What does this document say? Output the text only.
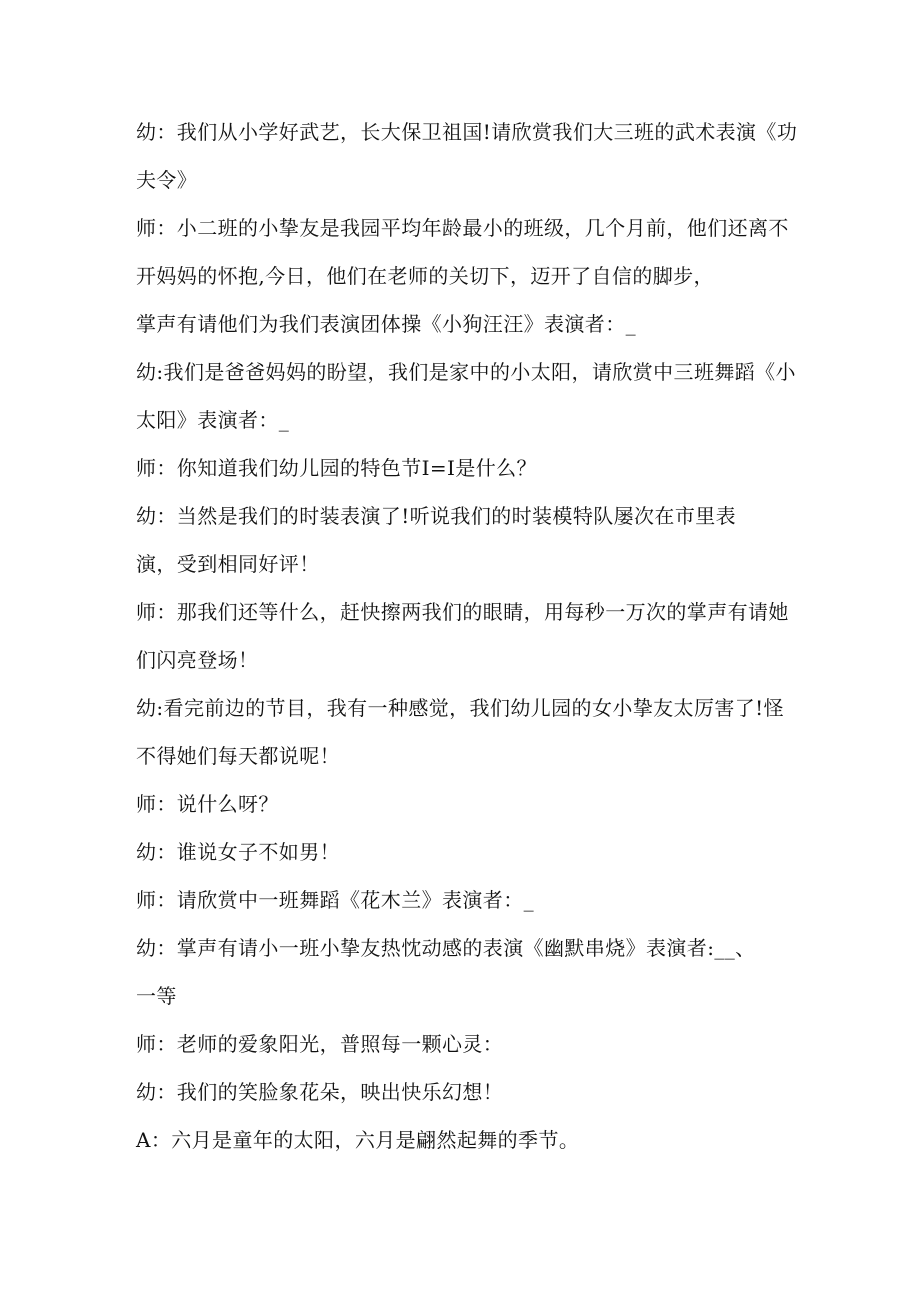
幼：我们从小学好武艺，长大保卫祖国!请欣赏我们大三班的武术表演《功
夫令》
师：小二班的小挚友是我园平均年龄最小的班级，几个月前，他们还离不
开妈妈的怀抱,今日，他们在老师的关切下，迈开了自信的脚步，
掌声有请他们为我们表演团体操《小狗汪汪》表演者：_
幼:我们是爸爸妈妈的盼望，我们是家中的小太阳，请欣赏中三班舞蹈《小
太阳》表演者：_
师：你知道我们幼儿园的特色节I=I是什么？
幼：当然是我们的时装表演了!听说我们的时装模特队屡次在市里表
演，受到相同好评！
师：那我们还等什么，赶快擦两我们的眼睛，用每秒一万次的掌声有请她
们闪亮登场！
幼:看完前边的节目，我有一种感觉，我们幼儿园的女小挚友太厉害了!怪
不得她们每天都说呢！
师：说什么呀？
幼：谁说女子不如男！
师：请欣赏中一班舞蹈《花木兰》表演者：_
幼：掌声有请小一班小挚友热忱动感的表演《幽默串烧》表演者:__、
一等
师：老师的爱象阳光，普照每一颗心灵：
幼：我们的笑脸象花朵，映出快乐幻想！
A：六月是童年的太阳，六月是翩然起舞的季节。
